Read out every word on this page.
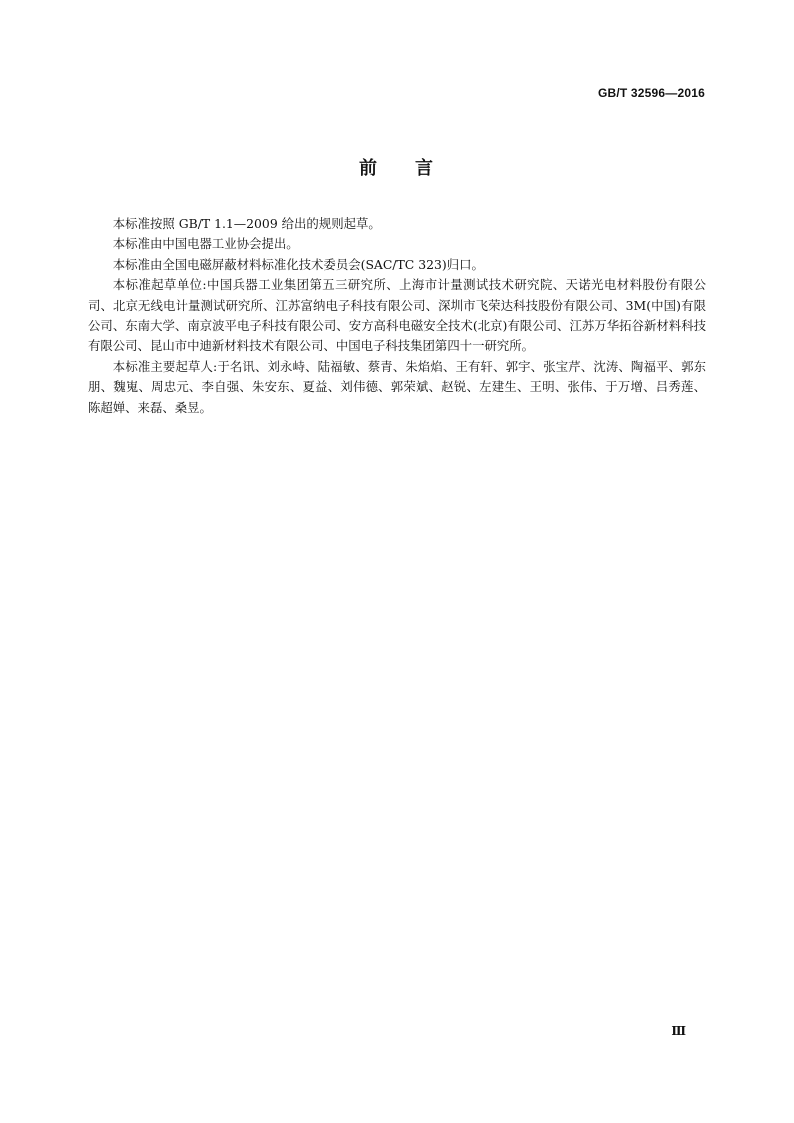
GB/T 32596—2016
前 言

本标准按照 GB/T 1.1—2009 给出的规则起草。

本标准由中国电器工业协会提出。

本标准由全国电磁屏蔽材料标准化技术委员会(SAC/TC 323)归口。

本标准起草单位:中国兵器工业集团第五三研究所、上海市计量测试技术研究院、天诺光电材料股份有限公司、北京无线电计量测试研究所、江苏富纳电子科技有限公司、深圳市飞荣达科技股份有限公司、3M(中国)有限公司、东南大学、南京波平电子科技有限公司、安方高科电磁安全技术(北京)有限公司、江苏万华拓谷新材料科技有限公司、昆山市中迪新材料技术有限公司、中国电子科技集团第四十一研究所。

本标准主要起草人:于名讯、刘永峙、陆福敏、蔡青、朱焰焰、王有轩、郭宇、张宝芹、沈涛、陶福平、郭东朋、魏嵬、周忠元、李自强、朱安东、夏益、刘伟德、郭荣斌、赵锐、左建生、王明、张伟、于万增、吕秀莲、陈超婵、来磊、桑昱。

Ⅲ
